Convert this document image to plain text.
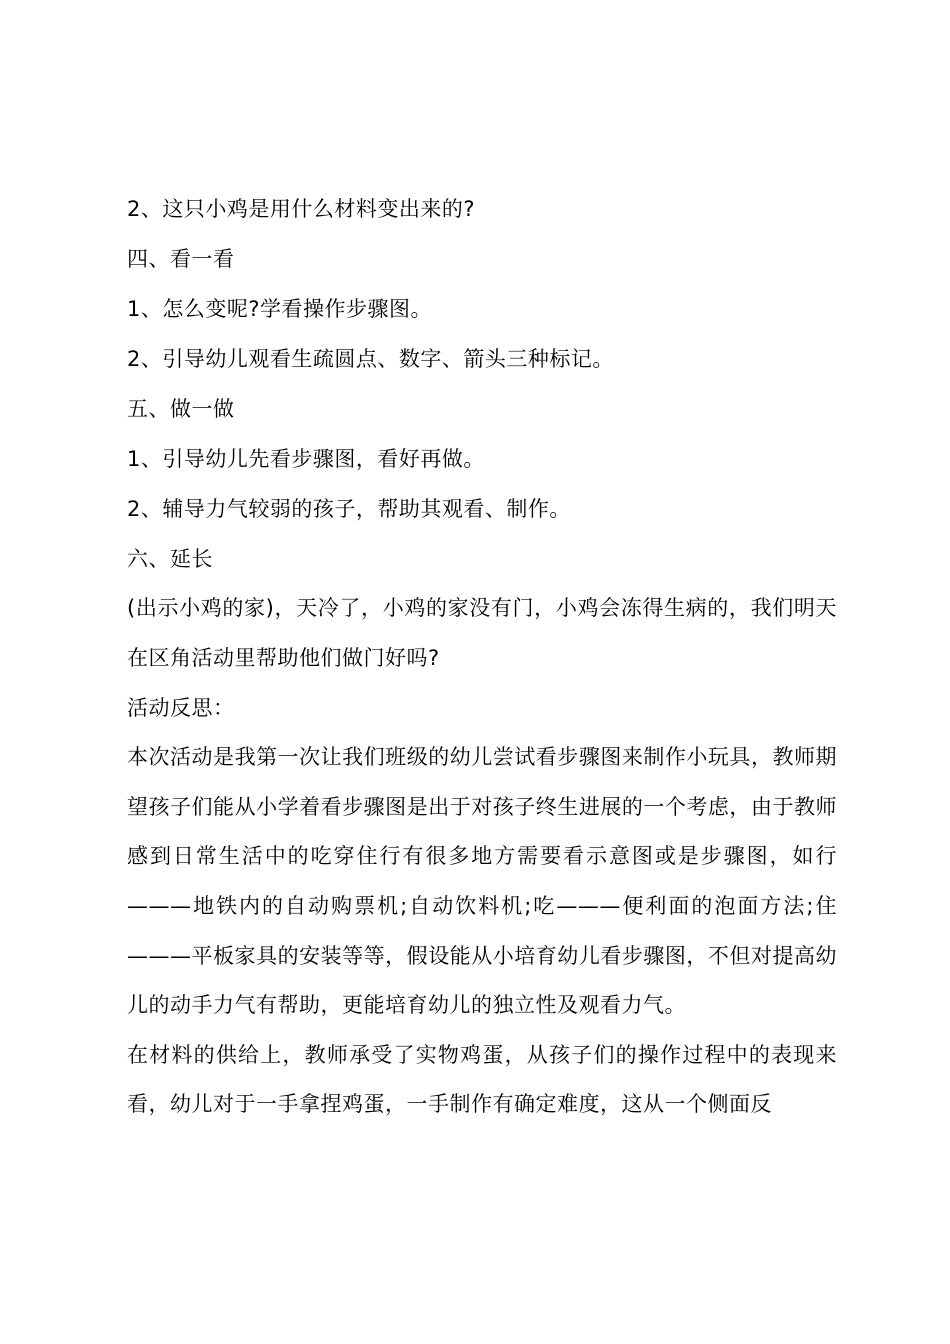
2、这只小鸡是用什么材料变出来的?
四、看一看
1、怎么变呢?学看操作步骤图。
2、引导幼儿观看生疏圆点、数字、箭头三种标记。
五、做一做
1、引导幼儿先看步骤图，看好再做。
2、辅导力气较弱的孩子，帮助其观看、制作。
六、延长
(出示小鸡的家)，天冷了，小鸡的家没有门，小鸡会冻得生病的，我们明天在区角活动里帮助他们做门好吗?
活动反思：
本次活动是我第一次让我们班级的幼儿尝试看步骤图来制作小玩具，教师期望孩子们能从小学着看步骤图是出于对孩子终生进展的一个考虑，由于教师感到日常生活中的吃穿住行有很多地方需要看示意图或是步骤图，如行———地铁内的自动购票机;自动饮料机;吃———便利面的泡面方法;住———平板家具的安装等等，假设能从小培育幼儿看步骤图，不但对提高幼儿的动手力气有帮助，更能培育幼儿的独立性及观看力气。
在材料的供给上，教师承受了实物鸡蛋，从孩子们的操作过程中的表现来看，幼儿对于一手拿捏鸡蛋，一手制作有确定难度，这从一个侧面反
